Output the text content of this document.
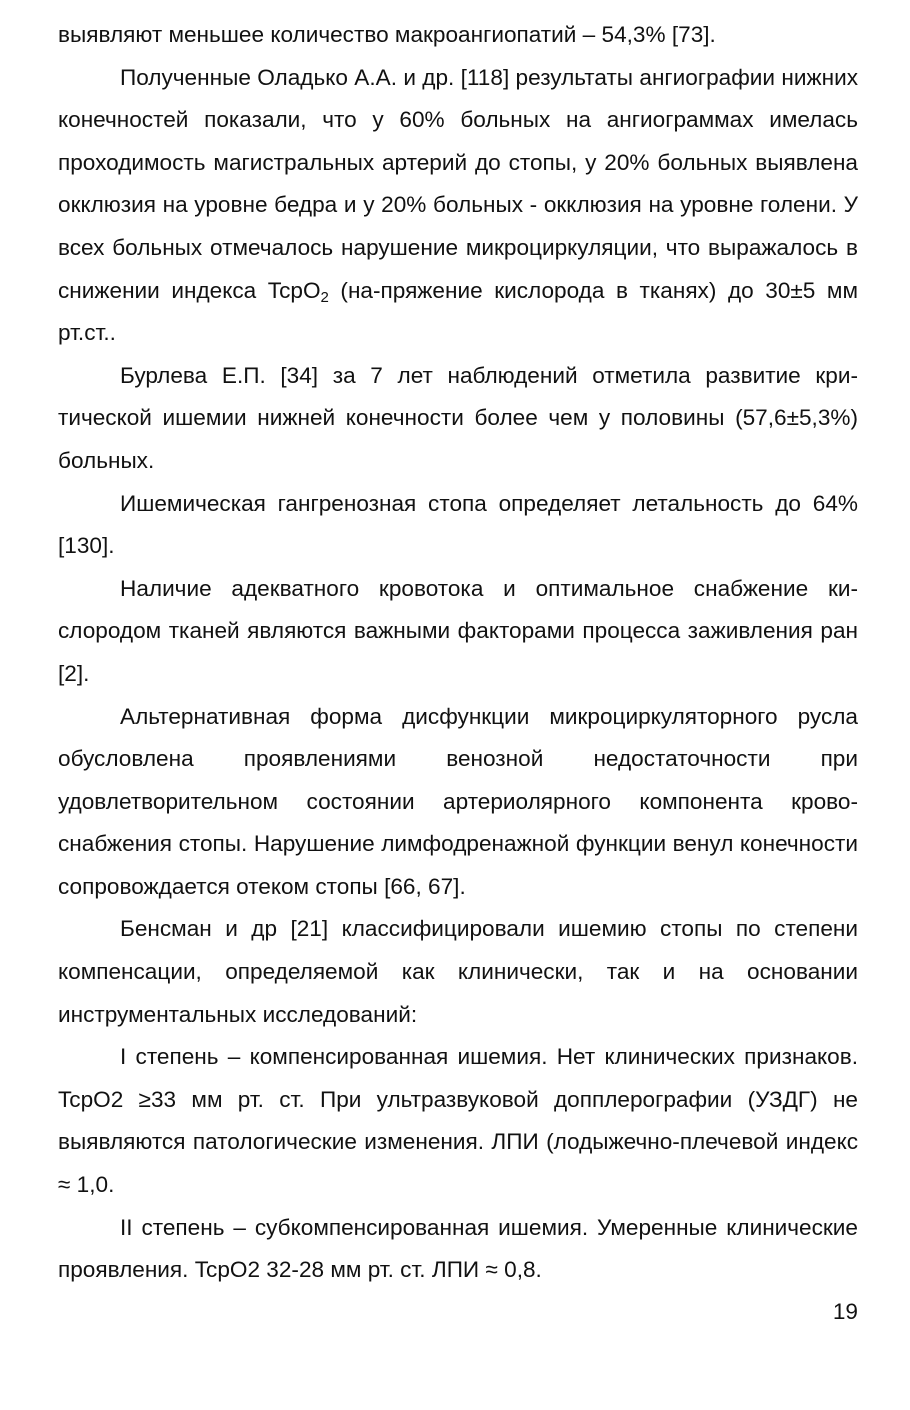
выявляют меньшее количество макроангиопатий – 54,3% [73].

Полученные Оладько А.А. и др. [118] результаты ангиографии нижних конечностей показали, что у 60% больных на ангиограммах имелась проходимость магистральных артерий до стопы, у 20% больных выявлена окклюзия на уровне бедра и у 20% больных - окклюзия на уровне голени. У всех больных отмечалось нарушение микроциркуляции, что выражалось в снижении индекса TcpO$_2$ (на-пряжение кислорода в тканях) до 30±5 мм рт.ст..

Бурлева Е.П. [34] за 7 лет наблюдений отметила развитие критической ишемии нижней конечности более чем у половины (57,6±5,3%) больных.

Ишемическая гангренозная стопа определяет летальность до 64% [130].

Наличие адекватного кровотока и оптимальное снабжение кислородом тканей являются важными факторами процесса заживления ран [2].

Альтернативная форма дисфункции микроциркуляторного русла обусловлена проявлениями венозной недостаточности при удовлетворительном состоянии артериолярного компонента кровоснабжения стопы. Нарушение лимфодренажной функции венул конечности сопровождается отеком стопы [66, 67].

Бенсман и др [21] классифицировали ишемию стопы по степени компенсации, определяемой как клинически, так и на основании инструментальных исследований:

I степень – компенсированная ишемия. Нет клинических признаков. TcpO2 ≥33 мм рт. ст. При ультразвуковой допплерографии (УЗДГ) не выявляются патологические изменения. ЛПИ (лодыжечно-плечевой индекс ≈ 1,0.

II степень – субкомпенсированная ишемия. Умеренные клинические проявления. TcpO2 32-28 мм рт. ст. ЛПИ ≈ 0,8.

19
